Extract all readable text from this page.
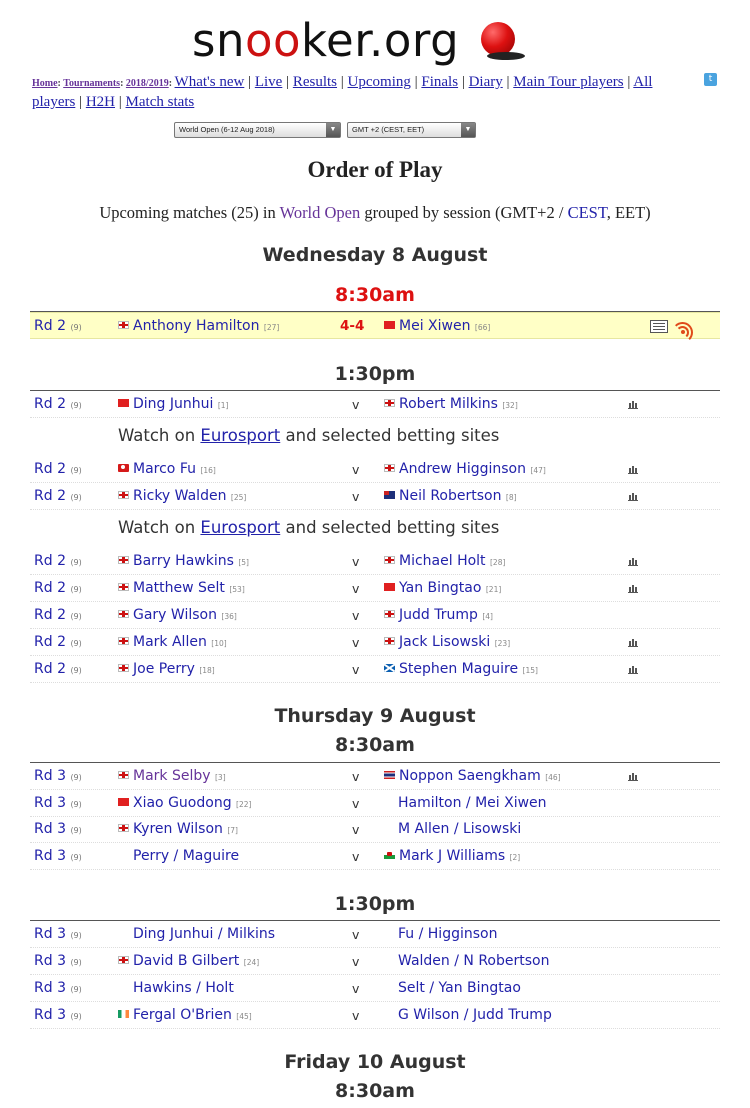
snooker.org
Home: Tournaments: 2018/2019: What's new | Live | Results | Upcoming | Finals | Diary | Main Tour players | All players | H2H | Match stats
t
World Open (6-12 Aug 2018)	▼	GMT +2 (CEST, EET)	▼
Order of Play
Upcoming matches (25) in World Open grouped by session (GMT+2 / CEST, EET)
Wednesday 8 August
8:30am
Rd 2 (9)	Anthony Hamilton [27]	4-4	Mei Xiwen [66]
1:30pm
Rd 2 (9)	Ding Junhui [1]	v	Robert Milkins [32]
Watch on Eurosport and selected betting sites
Rd 2 (9)	Marco Fu [16]	v	Andrew Higginson [47]
Rd 2 (9)	Ricky Walden [25]	v	Neil Robertson [8]
Watch on Eurosport and selected betting sites
Rd 2 (9)	Barry Hawkins [5]	v	Michael Holt [28]
Rd 2 (9)	Matthew Selt [53]	v	Yan Bingtao [21]
Rd 2 (9)	Gary Wilson [36]	v	Judd Trump [4]
Rd 2 (9)	Mark Allen [10]	v	Jack Lisowski [23]
Rd 2 (9)	Joe Perry [18]	v	Stephen Maguire [15]
Thursday 9 August
8:30am
Rd 3 (9)	Mark Selby [3]	v	Noppon Saengkham [46]
Rd 3 (9)	Xiao Guodong [22]	v	Hamilton / Mei Xiwen
Rd 3 (9)	Kyren Wilson [7]	v	M Allen / Lisowski
Rd 3 (9)	Perry / Maguire	v	Mark J Williams [2]
1:30pm
Rd 3 (9)	Ding Junhui / Milkins	v	Fu / Higginson
Rd 3 (9)	David B Gilbert [24]	v	Walden / N Robertson
Rd 3 (9)	Hawkins / Holt	v	Selt / Yan Bingtao
Rd 3 (9)	Fergal O'Brien [45]	v	G Wilson / Judd Trump
Friday 10 August
8:30am
